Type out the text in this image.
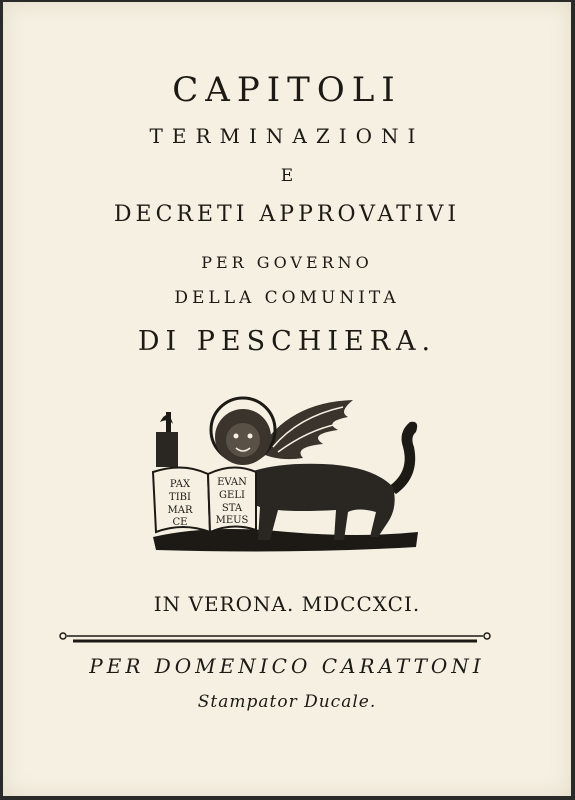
CAPITOLI
TERMINAZIONI
E
DECRETI APPROVATIVI
PER GOVERNO
DELLA COMUNITA
DI PESCHIERA.
PAX
TIBI
MAR
CE
EVAN
GELI
STA
MEUS
IN VERONA. MDCCXCI.
PER DOMENICO CARATTONI
Stampator Ducale.
